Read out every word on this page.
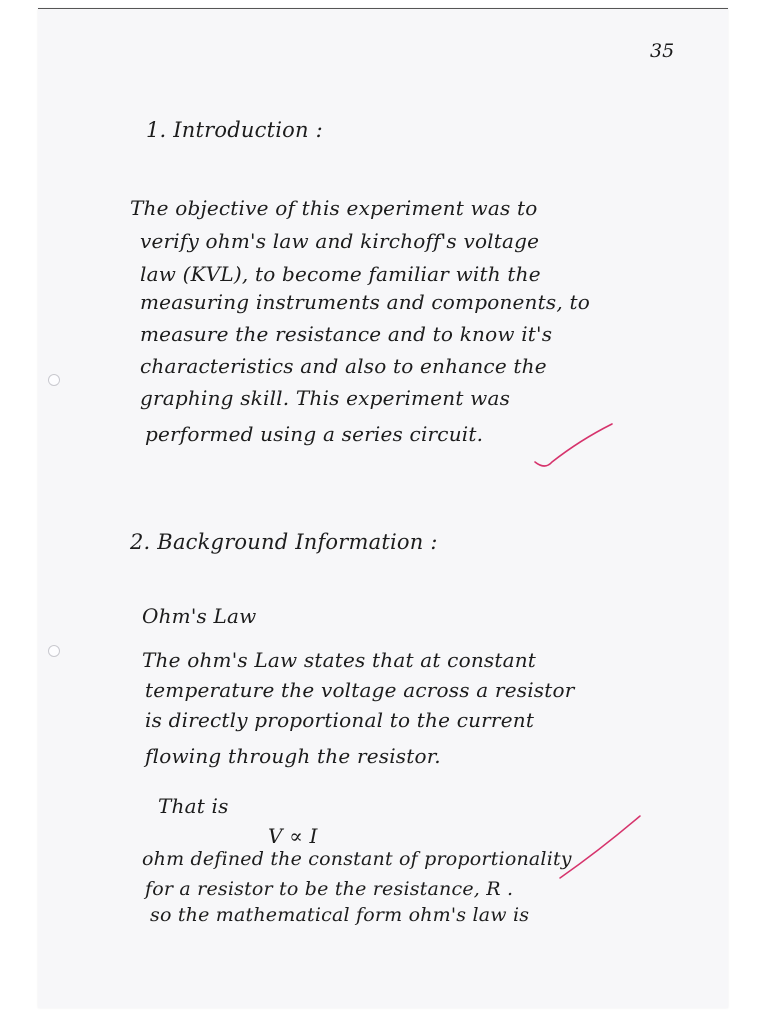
35
1. Introduction :
The objective of this experiment was to
verify ohm's law and kirchoff's voltage
law (KVL), to become familiar with the
measuring instruments and components, to
measure the resistance and to know it's
characteristics and also to enhance the
graphing skill. This experiment was
performed using a series circuit.
2. Background Information :
Ohm's Law
The ohm's Law states that at constant
temperature the voltage across a resistor
is directly proportional to the current
flowing through the resistor.
That is
V ∝ I
ohm defined the constant of proportionality
for a resistor to be the resistance, R .
so the mathematical form ohm's law is
